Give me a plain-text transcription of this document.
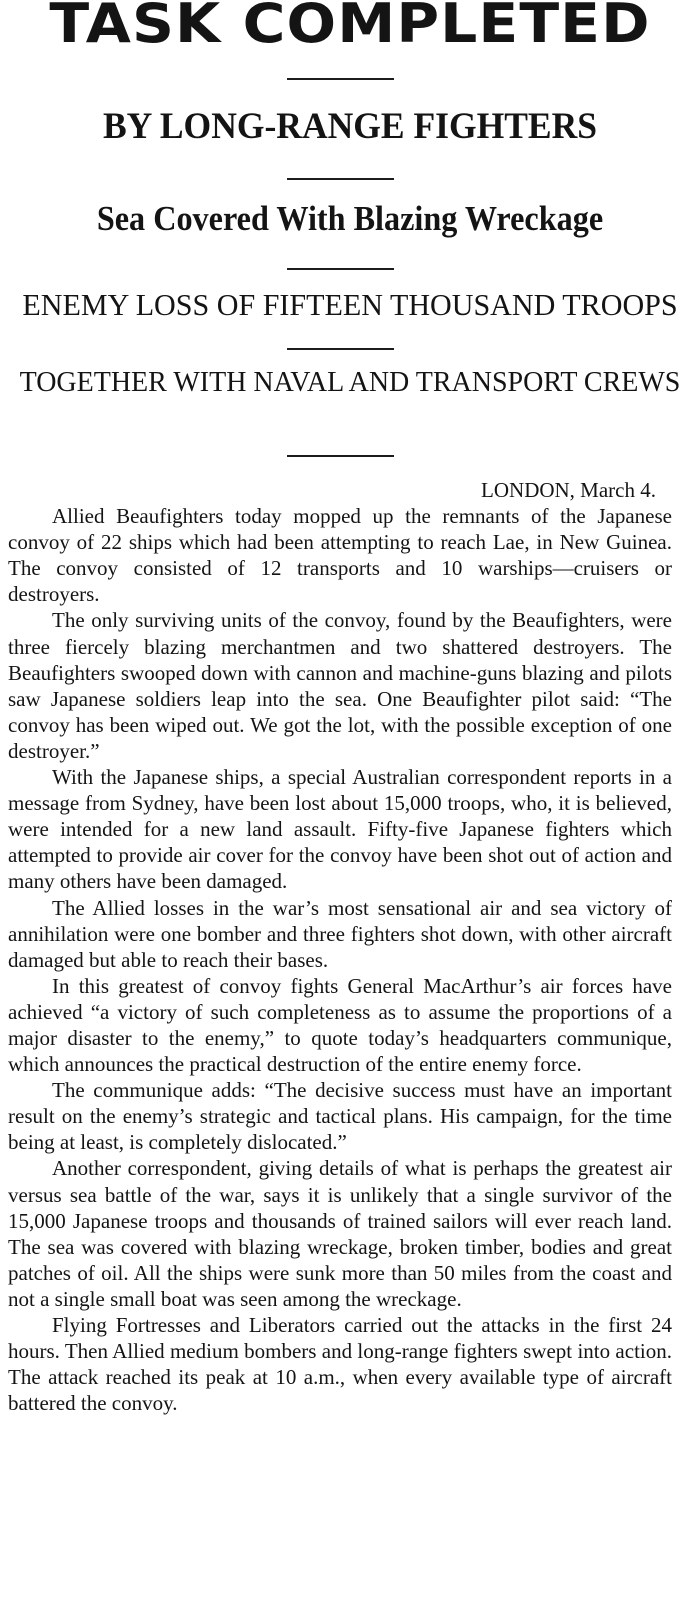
TASK COMPLETED
BY LONG-RANGE FIGHTERS
Sea Covered With Blazing Wreckage
ENEMY LOSS OF FIFTEEN THOUSAND TROOPS
TOGETHER WITH NAVAL AND TRANSPORT CREWS

LONDON, March 4.

Allied Beaufighters today mopped up the remnants of the Japanese convoy of 22 ships which had been attempting to reach Lae, in New Guinea. The convoy consisted of 12 transports and 10 warships—cruisers or destroyers.

The only surviving units of the convoy, found by the Beaufighters, were three fiercely blazing merchantmen and two shattered destroyers. The Beaufighters swooped down with cannon and machine-guns blazing and pilots saw Japanese soldiers leap into the sea. One Beaufighter pilot said: “The convoy has been wiped out. We got the lot, with the possible exception of one destroyer.”

With the Japanese ships, a special Australian correspondent reports in a message from Sydney, have been lost about 15,000 troops, who, it is believed, were intended for a new land assault. Fifty-five Japanese fighters which attempted to provide air cover for the convoy have been shot out of action and many others have been damaged.

The Allied losses in the war’s most sensational air and sea victory of annihilation were one bomber and three fighters shot down, with other aircraft damaged but able to reach their bases.

In this greatest of convoy fights General MacArthur’s air forces have achieved “a victory of such completeness as to assume the proportions of a major disaster to the enemy,” to quote today’s headquarters communique, which announces the practical destruction of the entire enemy force.

The communique adds: “The decisive success must have an important result on the enemy’s strategic and tactical plans. His campaign, for the time being at least, is completely dislocated.”

Another correspondent, giving details of what is perhaps the greatest air versus sea battle of the war, says it is unlikely that a single survivor of the 15,000 Japanese troops and thousands of trained sailors will ever reach land. The sea was covered with blazing wreckage, broken timber, bodies and great patches of oil. All the ships were sunk more than 50 miles from the coast and not a single small boat was seen among the wreckage.

Flying Fortresses and Liberators carried out the attacks in the first 24 hours. Then Allied medium bombers and long-range fighters swept into action. The attack reached its peak at 10 a.m., when every available type of aircraft battered the convoy.
